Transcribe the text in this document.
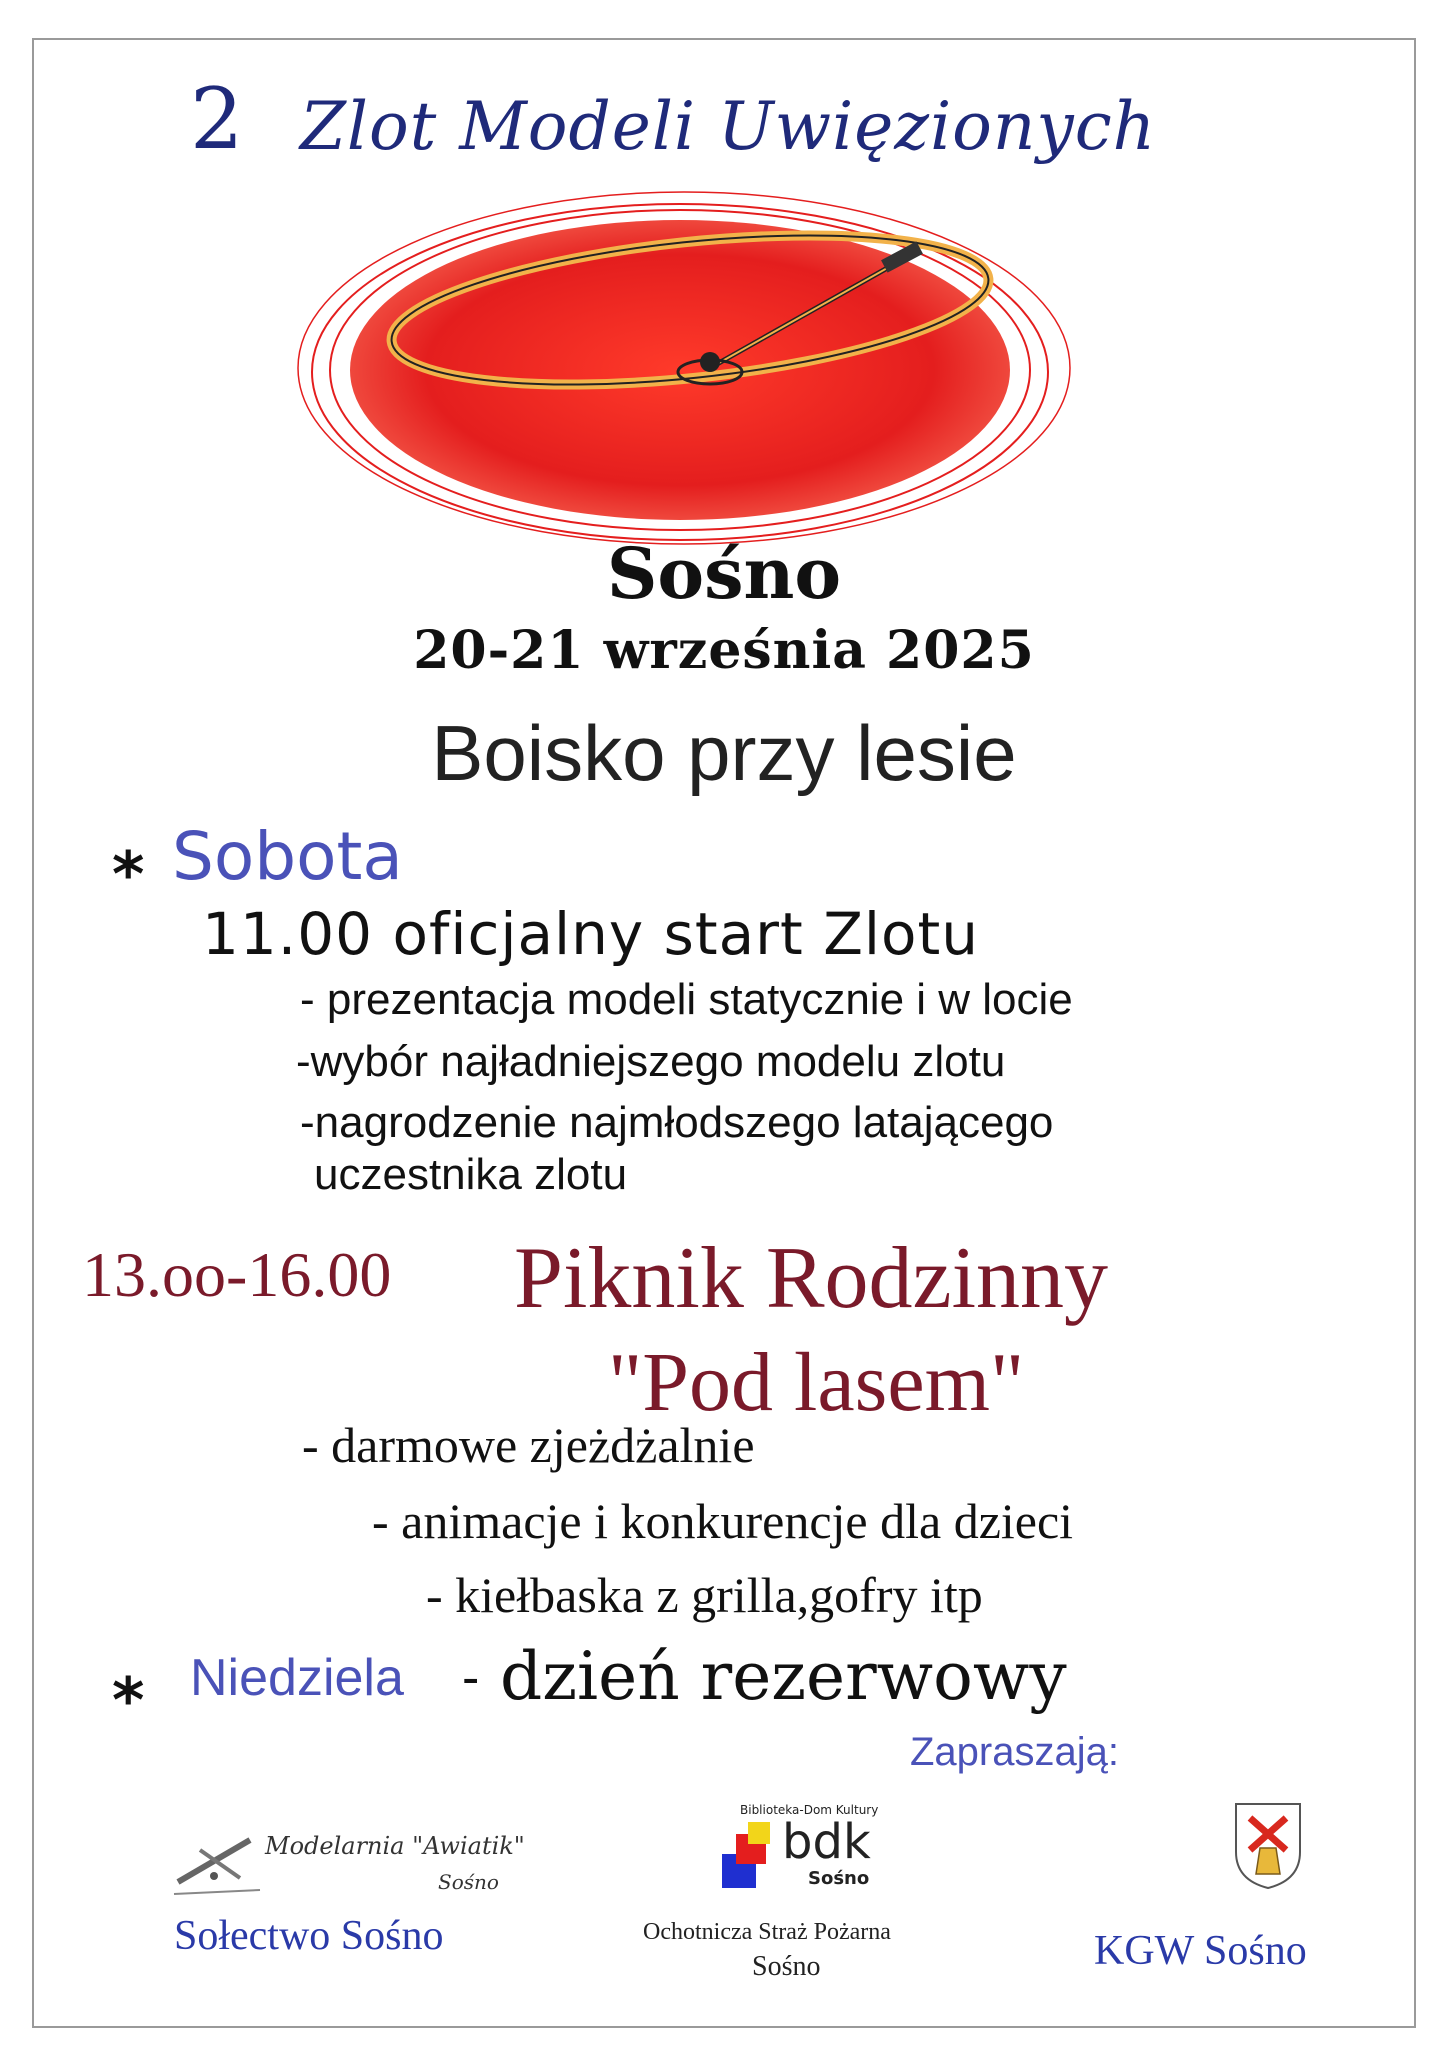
2 Zlot Modeli Uwięzionych
Sośno
20-21 września 2025
Boisko przy lesie
* Sobota
11.00 oficjalny start Zlotu
- prezentacja modeli statycznie i w locie
-wybór najładniejszego modelu zlotu
-nagrodzenie najmłodszego latającego
uczestnika zlotu
13.oo-16.00 Piknik Rodzinny
"Pod lasem"
- darmowe zjeżdżalnie
- animacje i konkurencje dla dzieci
- kiełbaska z grilla,gofry itp
* Niedziela - dzień rezerwowy
Zapraszają:
Modelarnia "Awiatik"
Sośno
Sołectwo Sośno
Biblioteka-Dom Kultury
bdk
Sośno
Ochotnicza Straż Pożarna
Sośno	KGW Sośno
